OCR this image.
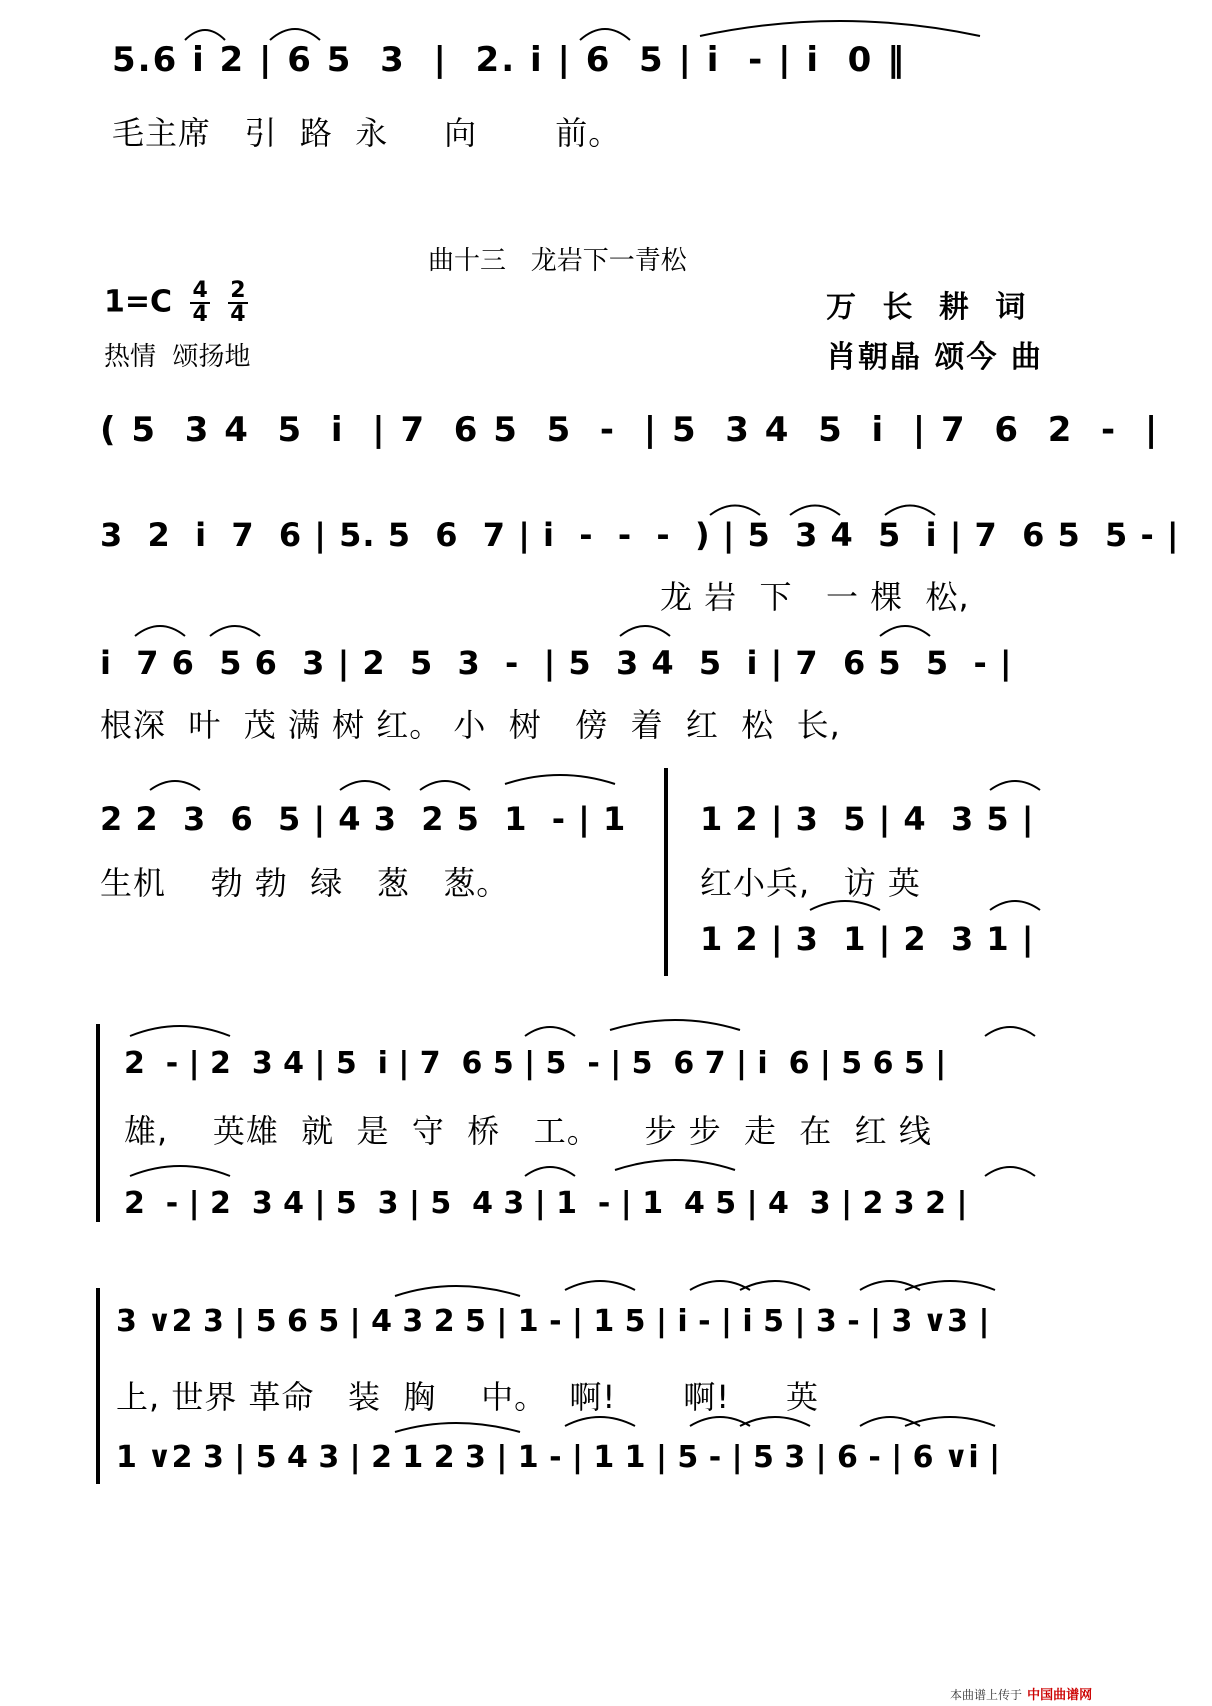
5.6 i 2 | 6 5  3  |  2. i | 6  5 | i  - | i  0 ‖
毛主席   引  路  永     向       前。
曲十三   龙岩下一青松
$1=C \frac{4}{4}$
$\frac{2}{4}$
热情  颂扬地
万 长 耕 词
肖朝晶 颂今 曲
( 5  3 4  5  i  | 7  6 5  5  -  | 5  3 4  5  i  | 7  6  2  -  |
3  2  i  7  6 | 5. 5  6  7 | i  -  -  -  ) | 5  3 4  5  i | 7  6 5  5 - |
龙 岩  下   一 棵  松,
i  7 6  5 6  3 | 2  5  3  -  | 5  3 4  5  i | 7  6 5  5  - |
根深  叶  茂 满 树 红。 小  树   傍  着  红  松  长,
2 2  3  6  5 | 4 3  2 5  1  - | 1
生机    勃 勃  绿   葱   葱。
1 2 | 3  5 | 4  3 5 |
红小兵,   访 英
1 2 | 3  1 | 2  3 1 |
2  - | 2  3 4 | 5  i | 7  6 5 | 5  - | 5  6 7 | i  6 | 5 6 5 |
雄,    英雄  就  是  守  桥   工。    步 步  走  在  红 线
2  - | 2  3 4 | 5  3 | 5  4 3 | 1  - | 1  4 5 | 4  3 | 2 3 2 |
3 ∨2 3 | 5 6 5 | 4 3 2 5 | 1 - | 1 5 | i - | i 5 | 3 - | 3 ∨3 |
上, 世界 革命   装  胸    中。  啊!      啊!     英
1 ∨2 3 | 5 4 3 | 2 1 2 3 | 1 - | 1 1 | 5 - | 5 3 | 6 - | 6 ∨i |
本曲谱上传于 中国曲谱网
